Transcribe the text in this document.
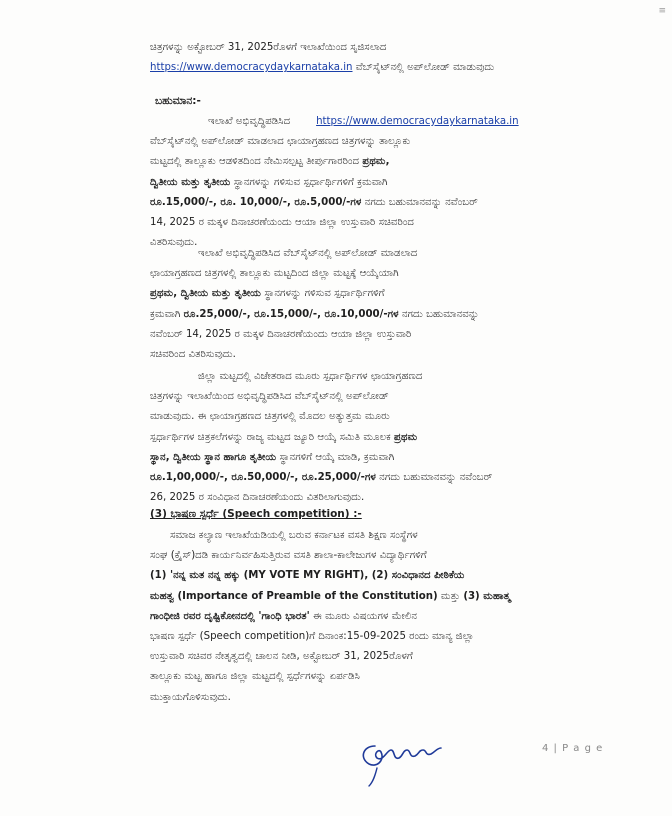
≡
ಚಿತ್ರಗಳನ್ನು ಅಕ್ಟೋಬರ್ 31, 2025ರೊಳಗೆ ಇಲಾಖೆಯಿಂದ ಸೃಜಿಸಲಾದ
https://www.democracydaykarnataka.in ವೆಬ್‌ಸೈಟ್‌ನಲ್ಲಿ ಅಪ್‌ಲೋಡ್ ಮಾಡುವುದು
ಬಹುಮಾನ:-
ಇಲಾಖೆ ಅಭಿವೃದ್ಧಿಪಡಿಸಿದ	https://www.democracydaykarnataka.in
ವೆಬ್‌ಸೈಟ್‌ನಲ್ಲಿ ಅಪ್‌ಲೋಡ್ ಮಾಡಲಾದ ಛಾಯಾಗ್ರಹಣದ ಚಿತ್ರಗಳನ್ನು ತಾಲ್ಲೂಕು
ಮಟ್ಟದಲ್ಲಿ ತಾಲ್ಲೂಕು ಆಡಳಿತದಿಂದ ನೇಮಿಸಲ್ಪಟ್ಟ ತೀರ್ಪುಗಾರರಿಂದ ಪ್ರಥಮ,
ದ್ವಿತೀಯ ಮತ್ತು ತೃತೀಯ ಸ್ಥಾನಗಳನ್ನು ಗಳಿಸುವ ಸ್ಪರ್ಧಾರ್ಥಿಗಳಿಗೆ ಕ್ರಮವಾಗಿ
ರೂ.15,000/-, ರೂ. 10,000/-, ರೂ.5,000/-ಗಳ ನಗದು ಬಹುಮಾನವನ್ನು ನವೆಂಬರ್
14, 2025 ರ ಮಕ್ಕಳ ದಿನಾಚರಣೆಯಂದು ಆಯಾ ಜಿಲ್ಲಾ ಉಸ್ತುವಾರಿ ಸಚಿವರಿಂದ
ವಿತರಿಸುವುದು.
ಇಲಾಖೆ ಅಭಿವೃದ್ಧಿಪಡಿಸಿದ ವೆಬ್‌ಸೈಟ್‌ನಲ್ಲಿ ಅಪ್‌ಲೋಡ್ ಮಾಡಲಾದ
ಛಾಯಾಗ್ರಹಣದ ಚಿತ್ರಗಳಲ್ಲಿ ತಾಲ್ಲೂಕು ಮಟ್ಟದಿಂದ ಜಿಲ್ಲಾ ಮಟ್ಟಕ್ಕೆ ಆಯ್ಕೆಯಾಗಿ
ಪ್ರಥಮ, ದ್ವಿತೀಯ ಮತ್ತು ತೃತೀಯ ಸ್ಥಾನಗಳನ್ನು ಗಳಿಸುವ ಸ್ಪರ್ಧಾರ್ಥಿಗಳಿಗೆ
ಕ್ರಮವಾಗಿ ರೂ.25,000/-, ರೂ.15,000/-, ರೂ.10,000/-ಗಳ ನಗದು ಬಹುಮಾನವನ್ನು
ನವೆಂಬರ್ 14, 2025 ರ ಮಕ್ಕಳ ದಿನಾಚರಣೆಯಂದು ಆಯಾ ಜಿಲ್ಲಾ ಉಸ್ತುವಾರಿ
ಸಚಿವರಿಂದ ವಿತರಿಸುವುದು.
ಜಿಲ್ಲಾ ಮಟ್ಟದಲ್ಲಿ ವಿಜೇತರಾದ ಮೂರು ಸ್ಪರ್ಧಾರ್ಥಿಗಳ ಛಾಯಾಗ್ರಹಣದ
ಚಿತ್ರಗಳನ್ನು ಇಲಾಖೆಯಿಂದ ಅಭಿವೃದ್ಧಿಪಡಿಸಿದ ವೆಬ್‌ಸೈಟ್‌ನಲ್ಲಿ ಅಪ್‌ಲೋಡ್
ಮಾಡುವುದು. ಈ ಛಾಯಾಗ್ರಹಣದ ಚಿತ್ರಗಳಲ್ಲಿ ಮೊದಲ ಅತ್ಯುತ್ತಮ ಮೂರು
ಸ್ಪರ್ಧಾರ್ಥಿಗಳ ಚಿತ್ರಕಲೆಗಳನ್ನು ರಾಜ್ಯ ಮಟ್ಟದ ಜ್ಯೂರಿ ಆಯ್ಕೆ ಸಮಿತಿ ಮೂಲಕ ಪ್ರಥಮ
ಸ್ಥಾನ, ದ್ವಿತೀಯ ಸ್ಥಾನ ಹಾಗೂ ತೃತೀಯ ಸ್ಥಾನಗಳಿಗೆ ಆಯ್ಕೆ ಮಾಡಿ, ಕ್ರಮವಾಗಿ
ರೂ.1,00,000/-, ರೂ.50,000/-, ರೂ.25,000/-ಗಳ ನಗದು ಬಹುಮಾನವನ್ನು ನವೆಂಬರ್
26, 2025 ರ ಸಂವಿಧಾನ ದಿನಾಚರಣೆಯಂದು ವಿತರಿಲಾಗುವುದು.
(3) ಭಾಷಣ ಸ್ಪರ್ಧೆ (Speech competition) :-
ಸಮಾಜ ಕಲ್ಯಾಣ ಇಲಾಖೆಯಡಿಯಲ್ಲಿ ಬರುವ ಕರ್ನಾಟಕ ವಸತಿ ಶಿಕ್ಷಣ ಸಂಸ್ಥೆಗಳ
ಸಂಘ (ಕ್ರೈಸ್)ದಡಿ ಕಾರ್ಯನಿರ್ವಹಿಸುತ್ತಿರುವ ವಸತಿ ಶಾಲಾ-ಕಾಲೇಜುಗಳ ವಿದ್ಯಾರ್ಥಿಗಳಿಗೆ
(1) 'ನನ್ನ ಮತ ನನ್ನ ಹಕ್ಕು (MY VOTE MY RIGHT), (2) ಸಂವಿಧಾನದ ಪೀಠಿಕೆಯ
ಮಹತ್ವ (Importance of Preamble of the Constitution) ಮತ್ತು (3) ಮಹಾತ್ಮ
ಗಾಂಧೀಜಿ ರವರ ದೃಷ್ಟಿಕೋನದಲ್ಲಿ 'ಗಾಂಧಿ ಭಾರತ' ಈ ಮೂರು ವಿಷಯಗಳ ಮೇಲಿನ
ಭಾಷಣ ಸ್ಪರ್ಧೆ (Speech competition)ಗೆ ದಿನಾಂಕ:15-09-2025 ರಂದು ಮಾನ್ಯ ಜಿಲ್ಲಾ
ಉಸ್ತುವಾರಿ ಸಚಿವರ ನೇತೃತ್ವದಲ್ಲಿ ಚಾಲನ ನೀಡಿ, ಅಕ್ಟೋಬರ್ 31, 2025ರೊಳಗೆ
ತಾಲ್ಲೂಕು ಮಟ್ಟ ಹಾಗೂ ಜಿಲ್ಲಾ ಮಟ್ಟದಲ್ಲಿ ಸ್ಪರ್ಧೆಗಳನ್ನು ಏರ್ಪಡಿಸಿ
ಮುಕ್ತಾಯಗೊಳಿಸುವುದು.
4 | P a g e
